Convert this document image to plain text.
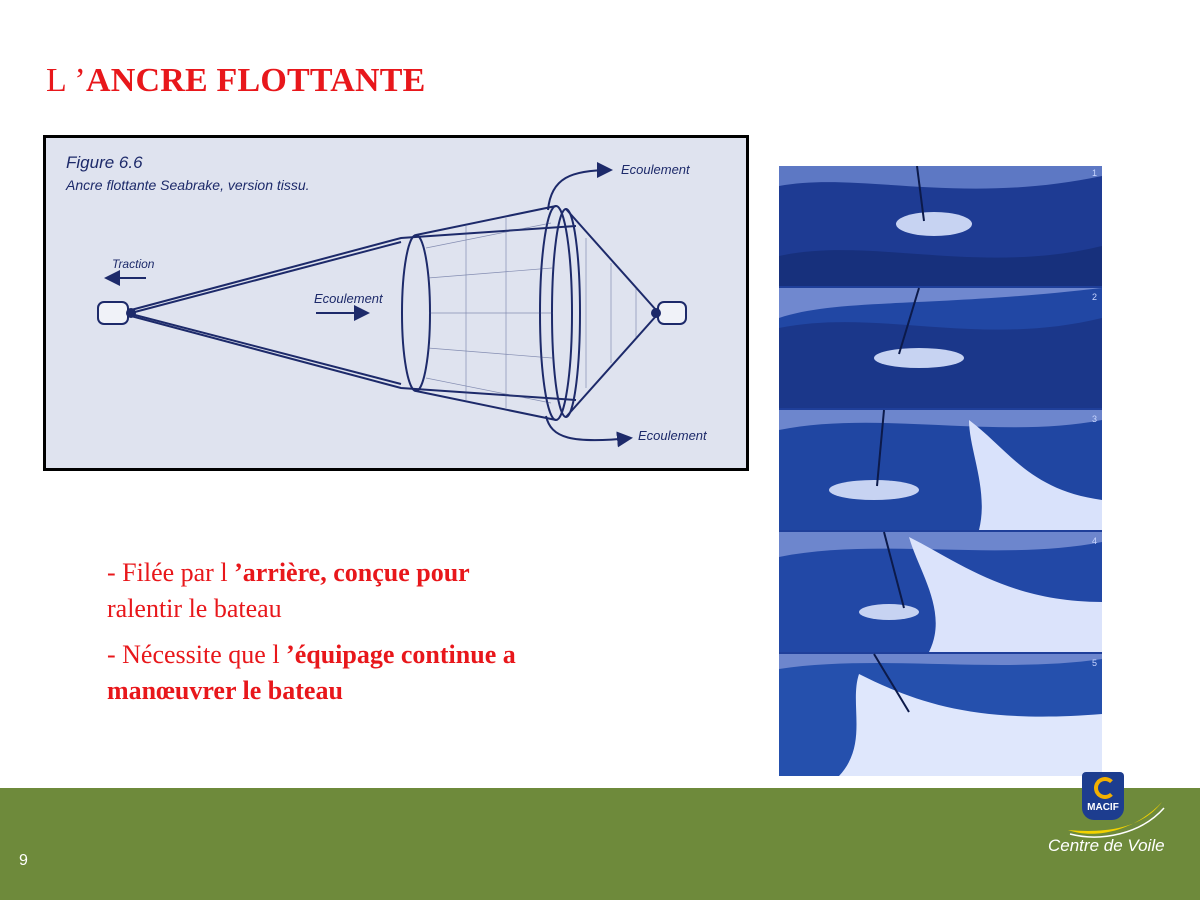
L ’ANCRE FLOTTANTE
Figure 6.6
Ancre flottante Seabrake, version tissu.
Traction
Ecoulement
Ecoulement
Ecoulement

- Filée par l ’arrière, conçue pour
ralentir le bateau

- Nécessite que l ’équipage continue a
manœuvrer le bateau

1
2
3
4
5
9
MACIF
Centre de Voile
